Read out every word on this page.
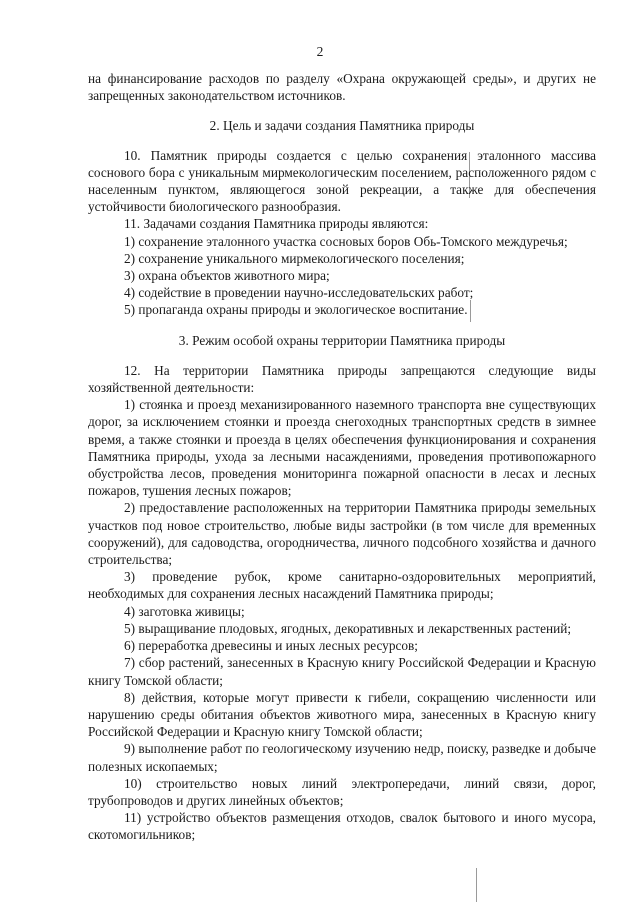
2

на финансирование расходов по разделу «Охрана окружающей среды», и других не запрещенных законодательством источников.

2. Цель и задачи создания Памятника природы

10. Памятник природы создается с целью сохранения эталонного массива соснового бора с уникальным мирмекологическим поселением, расположенного рядом с населенным пунктом, являющегося зоной рекреации, а также для обеспечения устойчивости биологического разнообразия.

11. Задачами создания Памятника природы являются:

1) сохранение эталонного участка сосновых боров Обь-Томского междуречья;

2) сохранение уникального мирмекологического поселения;

3) охрана объектов животного мира;

4) содействие в проведении научно-исследовательских работ;

5) пропаганда охраны природы и экологическое воспитание.

3. Режим особой охраны территории Памятника природы

12. На территории Памятника природы запрещаются следующие виды хозяйственной деятельности:

1) стоянка и проезд механизированного наземного транспорта вне существующих дорог, за исключением стоянки и проезда снегоходных транспортных средств в зимнее время, а также стоянки и проезда в целях обеспечения функционирования и сохранения Памятника природы, ухода за лесными насаждениями, проведения противопожарного обустройства лесов, проведения мониторинга пожарной опасности в лесах и лесных пожаров, тушения лесных пожаров;

2) предоставление расположенных на территории Памятника природы земельных участков под новое строительство, любые виды застройки (в том числе для временных сооружений), для садоводства, огородничества, личного подсобного хозяйства и дачного строительства;

3) проведение рубок, кроме санитарно-оздоровительных мероприятий, необходимых для сохранения лесных насаждений Памятника природы;

4) заготовка живицы;

5) выращивание плодовых, ягодных, декоративных и лекарственных растений;

6) переработка древесины и иных лесных ресурсов;

7) сбор растений, занесенных в Красную книгу Российской Федерации и Красную книгу Томской области;

8) действия, которые могут привести к гибели, сокращению численности или нарушению среды обитания объектов животного мира, занесенных в Красную книгу Российской Федерации и Красную книгу Томской области;

9) выполнение работ по геологическому изучению недр, поиску, разведке и добыче полезных ископаемых;

10) строительство новых линий электропередачи, линий связи, дорог, трубопроводов и других линейных объектов;

11) устройство объектов размещения отходов, свалок бытового и иного мусора, скотомогильников;
